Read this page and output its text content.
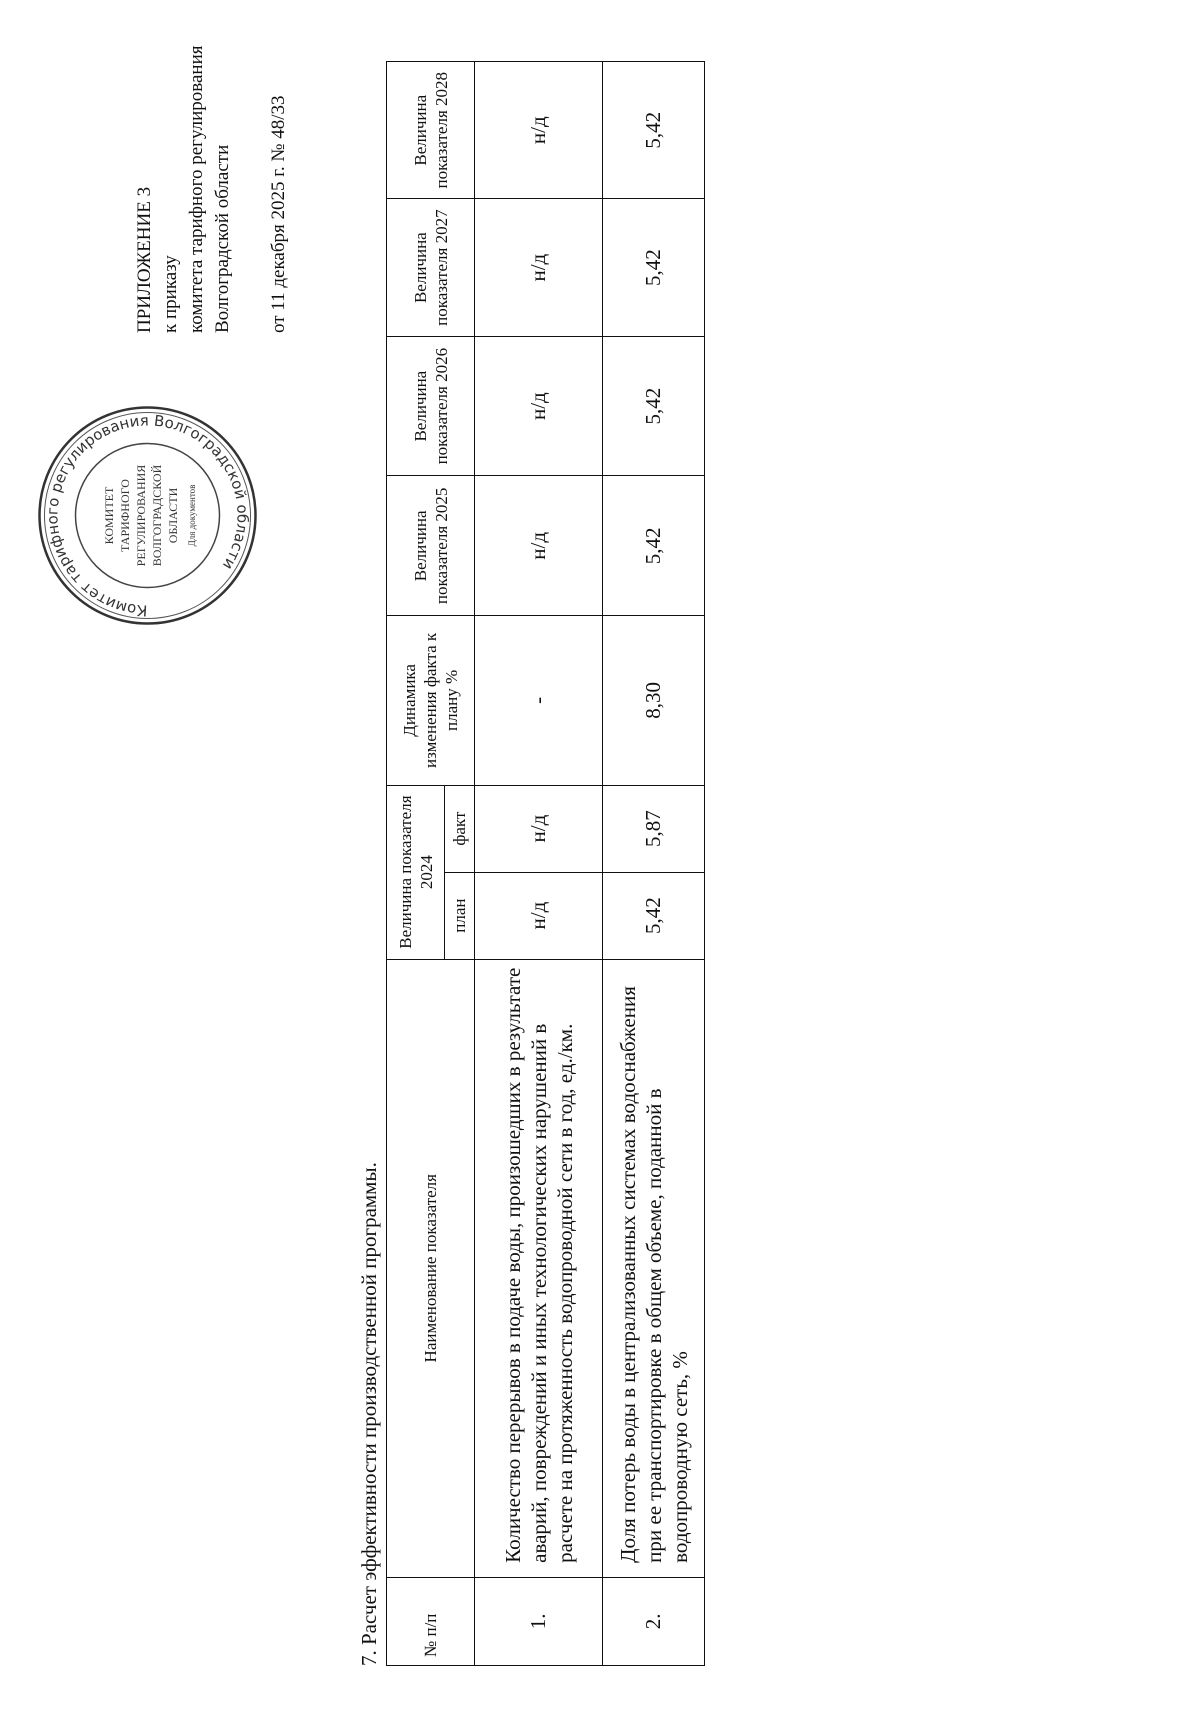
Комитет тарифного регулирования Волгоградской области
КОМИТЕТ ТАРИФНОГО РЕГУЛИРОВАНИЯ ВОЛГОГРАДСКОЙ ОБЛАСТИ Для документов
ПРИЛОЖЕНИЕ 3 к приказу комитета тарифного регулирования Волгоградской области от 11 декабря 2025 г. № 48/33
7. Расчет эффективности производственной программы. № п/п	Наименование показателя	Величина показателя 2024		Динамика изменения факта к плану %	Величина показателя 2025	Величина показателя 2026	Величина показателя 2027	Величина показателя 2028
		план	факт					
1.	Количество перерывов в подаче воды, произошедших в результате аварий, повреждений и иных технологических нарушений в расчете на протяженность водопроводной сети в год, ед./км.	н/д	н/д	-	н/д	н/д	н/д	н/д
2.	Доля потерь воды в централизованных системах водоснабжения при ее транспортировке в общем объеме, поданной в водопроводную сеть, %	5,42	5,87	8,30	5,42	5,42	5,42	5,42
